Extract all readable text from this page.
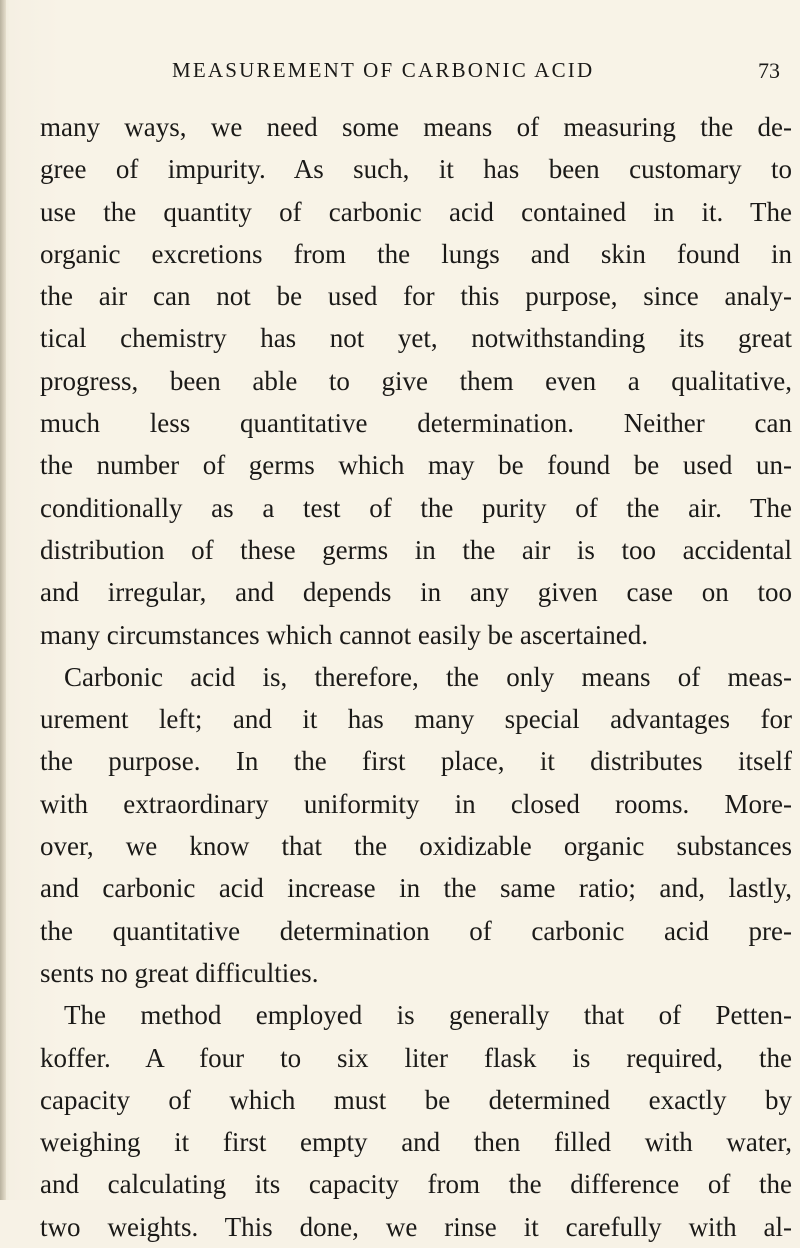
MEASUREMENT OF CARBONIC ACID	73
many ways, we need some means of measuring the de-
gree of impurity. As such, it has been customary to
use the quantity of carbonic acid contained in it. The
organic excretions from the lungs and skin found in
the air can not be used for this purpose, since analy-
tical chemistry has not yet, notwithstanding its great
progress, been able to give them even a qualitative,
much less quantitative determination. Neither can
the number of germs which may be found be used un-
conditionally as a test of the purity of the air. The
distribution of these germs in the air is too accidental
and irregular, and depends in any given case on too
many circumstances which cannot easily be ascertained.
Carbonic acid is, therefore, the only means of meas-
urement left; and it has many special advantages for
the purpose. In the first place, it distributes itself
with extraordinary uniformity in closed rooms. More-
over, we know that the oxidizable organic substances
and carbonic acid increase in the same ratio; and, lastly,
the quantitative determination of carbonic acid pre-
sents no great difficulties.
The method employed is generally that of Petten-
koffer. A four to six liter flask is required, the
capacity of which must be determined exactly by
weighing it first empty and then filled with water,
and calculating its capacity from the difference of the
two weights. This done, we rinse it carefully with al-
